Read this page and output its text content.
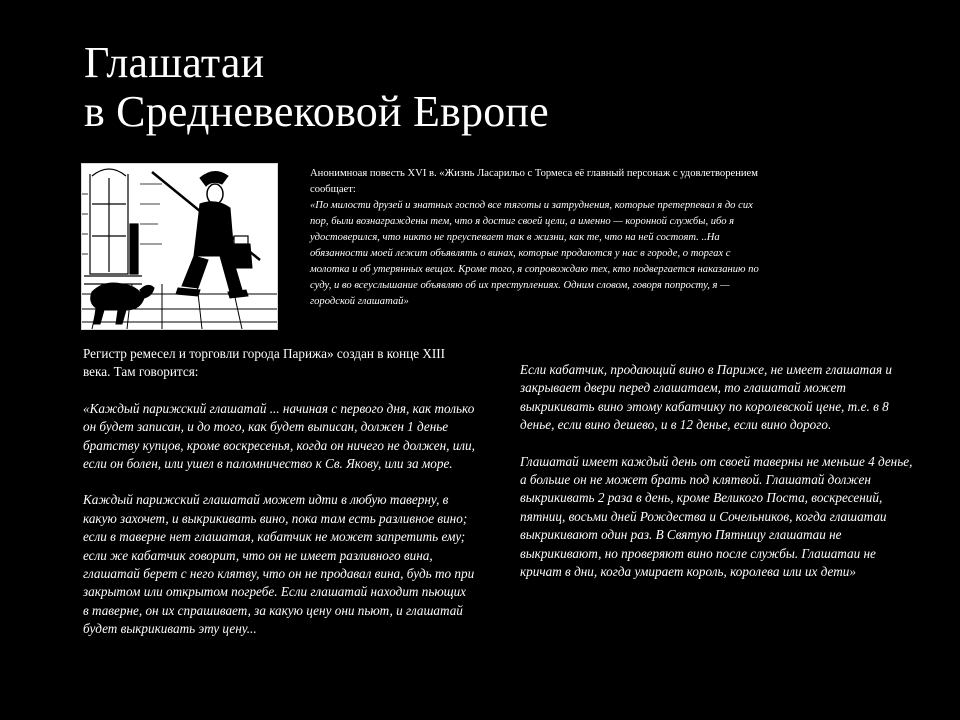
Глашатаи
в Средневековой Европе
Анонимноая повесть XVI в. «Жизнь Ласарильо с Тормеса её главный персонаж с удовлетворением сообщает:
«По милости друзей и знатных господ все тяготы и затруднения, которые претерпевал я до сих пор, были вознаграждены тем, что я достиг своей цели, а именно — коронной службы, ибо я удостоверился, что никто не преуспевает так в жизни, как те, что на ней состоят. ..На обязанности моей лежит объявлять о винах, которые продаются у нас в городе, о торгах с молотка и об утерянных вещах. Кроме того, я сопровождаю тех, кто подвергается наказанию по суду, и во всеуслышание объявляю об их преступлениях. Одним словом, говоря попросту, я — городской глашатай»

Регистр ремесел и торговли города Парижа» создан в конце XIII века. Там говорится:

«Каждый парижский глашатай ... начиная с первого дня, как только он будет записан, и до того, как будет выписан, должен 1 деньe братству купцов, кроме воскресенья, когда он ничего не должен, или, если он болен, или ушел в паломничество к Св. Якову, или за море.

Каждый парижский глашатай может идти в любую таверну, в какую захочет, и выкрикивать вино, пока там есть разливное вино; если в таверне нет глашатая, кабатчик не может запретить ему; если же кабатчик говорит, что он не имеет разливного вина, глашатай берет с него клятву, что он не продавал вина, будь то при закрытом или открытом погребе. Если глашатай находит пьющих в таверне, он их спрашивает, за какую цену они пьют, и глашатай будет выкрикивать эту цену...

Если кабатчик, продающий вино в Париже, не имеет глашатая и закрывает двери перед глашатаем, то глашатай может выкрикивать вино этому кабатчику по королевской цене, т.е. в 8 деньe, если вино дешево, и в 12 деньe, если вино дорого.

Глашатай имеет каждый день от своей таверны не меньше 4 деньe, а больше он не может брать под клятвой. Глашатай должен выкрикивать 2 раза в день, кроме Великого Поста, воскресений, пятниц, восьми дней Рождества и Сочельников, когда глашатаи выкрикивают один раз. В Святую Пятницу глашатаи не выкрикивают, но проверяют вино после службы. Глашатаи не кричат в дни, когда умирает король, королева или их дети»
